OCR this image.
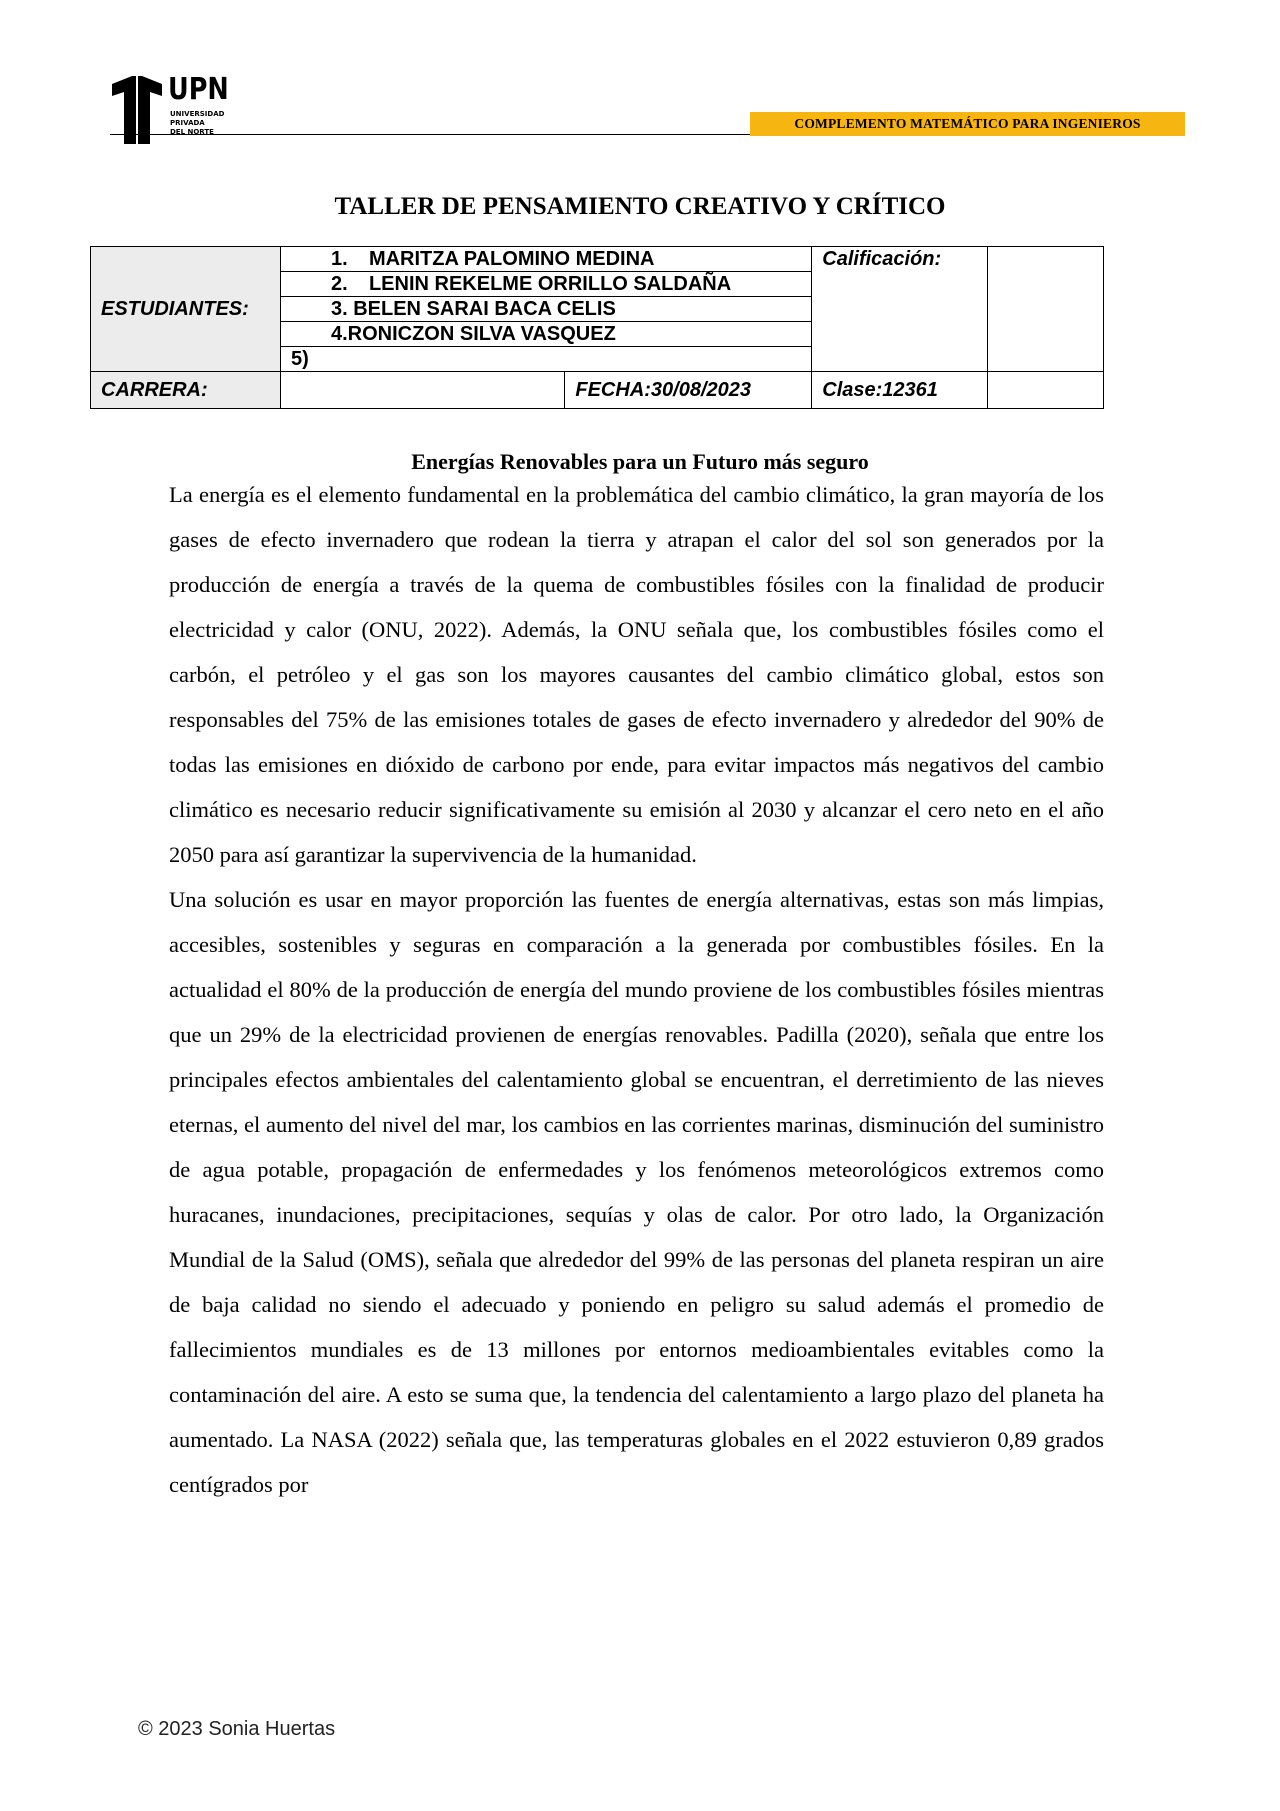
UPN
UNIVERSIDAD
PRIVADA
DEL NORTE
COMPLEMENTO MATEMÁTICO PARA INGENIEROS
TALLER DE PENSAMIENTO CREATIVO Y CRÍTICO
ESTUDIANTES:	1. MARITZA PALOMINO MEDINA		Calificación:	
	2. LENIN REKELME ORRILLO SALDAÑA			
	3. BELEN SARAI BACA CELIS			
	4.RONICZON SILVA VASQUEZ			
	5)			
CARRERA:		FECHA:30/08/2023	Clase:12361	
Energías Renovables para un Futuro más seguro

La energía es el elemento fundamental en la problemática del cambio climático, la gran mayoría de los gases de efecto invernadero que rodean la tierra y atrapan el calor del sol son generados por la producción de energía a través de la quema de combustibles fósiles con la finalidad de producir electricidad y calor (ONU, 2022). Además, la ONU señala que, los combustibles fósiles como el carbón, el petróleo y el gas son los mayores causantes del cambio climático global, estos son responsables del 75% de las emisiones totales de gases de efecto invernadero y alrededor del 90% de todas las emisiones en dióxido de carbono por ende, para evitar impactos más negativos del cambio climático es necesario reducir significativamente su emisión al 2030 y alcanzar el cero neto en el año 2050 para así garantizar la supervivencia de la humanidad.

Una solución es usar en mayor proporción las fuentes de energía alternativas, estas son más limpias, accesibles, sostenibles y seguras en comparación a la generada por combustibles fósiles. En la actualidad el 80% de la producción de energía del mundo proviene de los combustibles fósiles mientras que un 29% de la electricidad provienen de energías renovables. Padilla (2020), señala que entre los principales efectos ambientales del calentamiento global se encuentran, el derretimiento de las nieves eternas, el aumento del nivel del mar, los cambios en las corrientes marinas, disminución del suministro de agua potable, propagación de enfermedades y los fenómenos meteorológicos extremos como huracanes, inundaciones, precipitaciones, sequías y olas de calor. Por otro lado, la Organización Mundial de la Salud (OMS), señala que alrededor del 99% de las personas del planeta respiran un aire de baja calidad no siendo el adecuado y poniendo en peligro su salud además el promedio de fallecimientos mundiales es de 13 millones por entornos medioambientales evitables como la contaminación del aire. A esto se suma que, la tendencia del calentamiento a largo plazo del planeta ha aumentado. La NASA (2022) señala que, las temperaturas globales en el 2022 estuvieron 0,89 grados centígrados por

© 2023 Sonia Huertas
